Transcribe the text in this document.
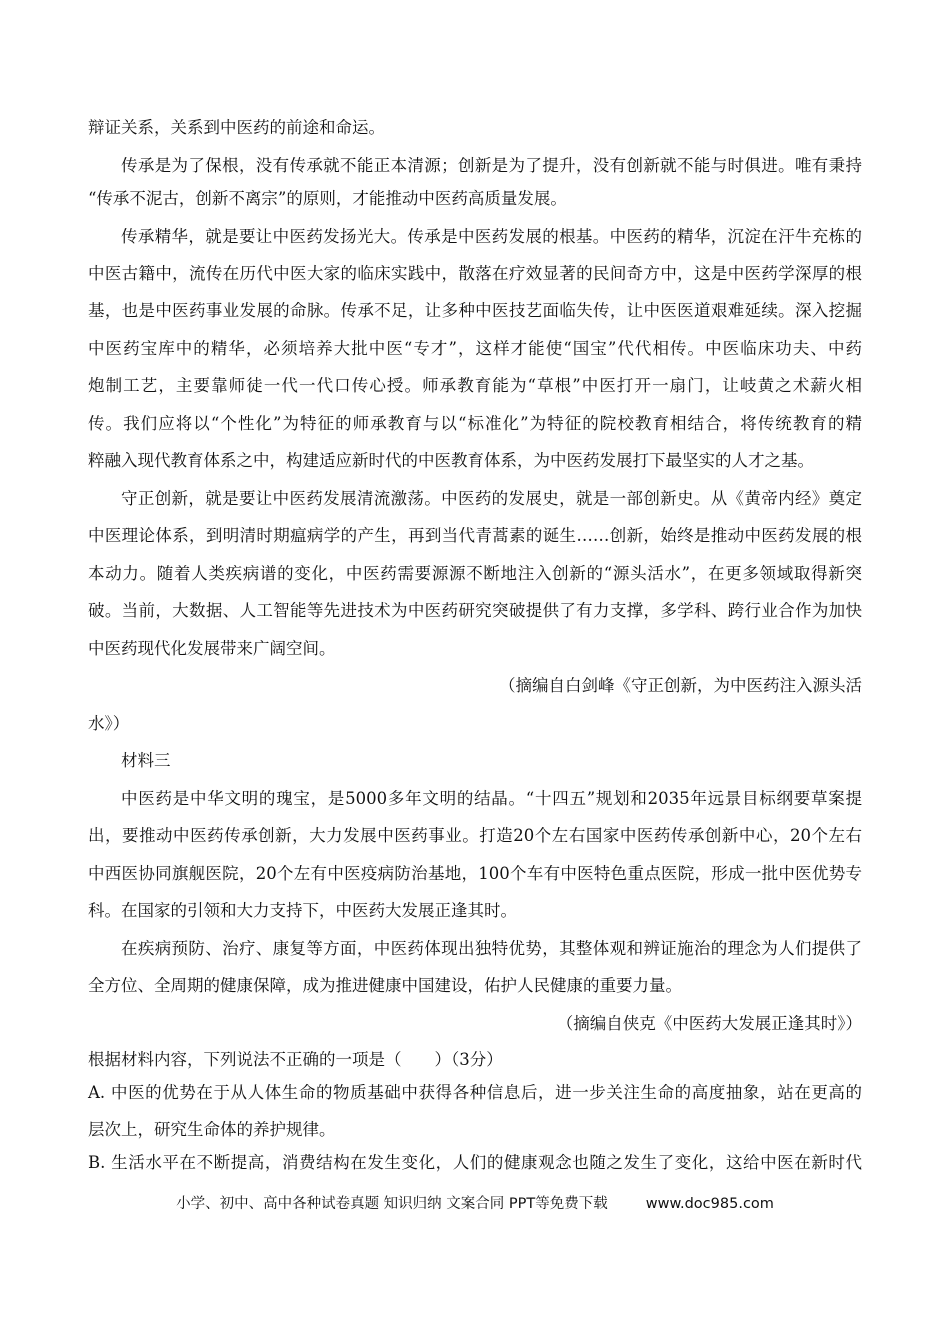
辩证关系，关系到中医药的前途和命运。
传承是为了保根，没有传承就不能正本清源；创新是为了提升，没有创新就不能与时俱进。唯有秉持
“传承不泥古，创新不离宗”的原则，才能推动中医药高质量发展。
传承精华，就是要让中医药发扬光大。传承是中医药发展的根基。中医药的精华，沉淀在汗牛充栋的
中医古籍中，流传在历代中医大家的临床实践中，散落在疗效显著的民间奇方中，这是中医药学深厚的根
基，也是中医药事业发展的命脉。传承不足，让多种中医技艺面临失传，让中医医道艰难延续。深入挖掘
中医药宝库中的精华，必须培养大批中医“专才”，这样才能使“国宝”代代相传。中医临床功夫、中药
炮制工艺，主要靠师徒一代一代口传心授。师承教育能为“草根”中医打开一扇门，让岐黄之术薪火相
传。我们应将以“个性化”为特征的师承教育与以“标准化”为特征的院校教育相结合，将传统教育的精
粹融入现代教育体系之中，构建适应新时代的中医教育体系，为中医药发展打下最坚实的人才之基。
守正创新，就是要让中医药发展清流激荡。中医药的发展史，就是一部创新史。从《黄帝内经》奠定
中医理论体系，到明清时期瘟病学的产生，再到当代青蒿素的诞生……创新，始终是推动中医药发展的根
本动力。随着人类疾病谱的变化，中医药需要源源不断地注入创新的“源头活水”，在更多领域取得新突
破。当前，大数据、人工智能等先进技术为中医药研究突破提供了有力支撑，多学科、跨行业合作为加快
中医药现代化发展带来广阔空间。
（摘编自白剑峰《守正创新，为中医药注入源头活
水》）
材料三
中医药是中华文明的瑰宝，是5000多年文明的结晶。“十四五”规划和2035年远景目标纲要草案提
出，要推动中医药传承创新，大力发展中医药事业。打造20个左右国家中医药传承创新中心，20个左右
中西医协同旗舰医院，20个左有中医疫病防治基地，100个车有中医特色重点医院，形成一批中医优势专
科。在国家的引领和大力支持下，中医药大发展正逢其时。
在疾病预防、治疗、康复等方面，中医药体现出独特优势，其整体观和辨证施治的理念为人们提供了
全方位、全周期的健康保障，成为推进健康中国建设，佑护人民健康的重要力量。
（摘编自侠克《中医药大发展正逢其时》）
根据材料内容，下列说法不正确的一项是（　　）（3分）
A. 中医的优势在于从人体生命的物质基础中获得各种信息后，进一步关注生命的高度抽象，站在更高的
层次上，研究生命体的养护规律。
B. 生活水平在不断提高，消费结构在发生变化，人们的健康观念也随之发生了变化，这给中医在新时代
小学、初中、高中各种试卷真题 知识归纳 文案合同 PPT等免费下载	www.doc985.com
